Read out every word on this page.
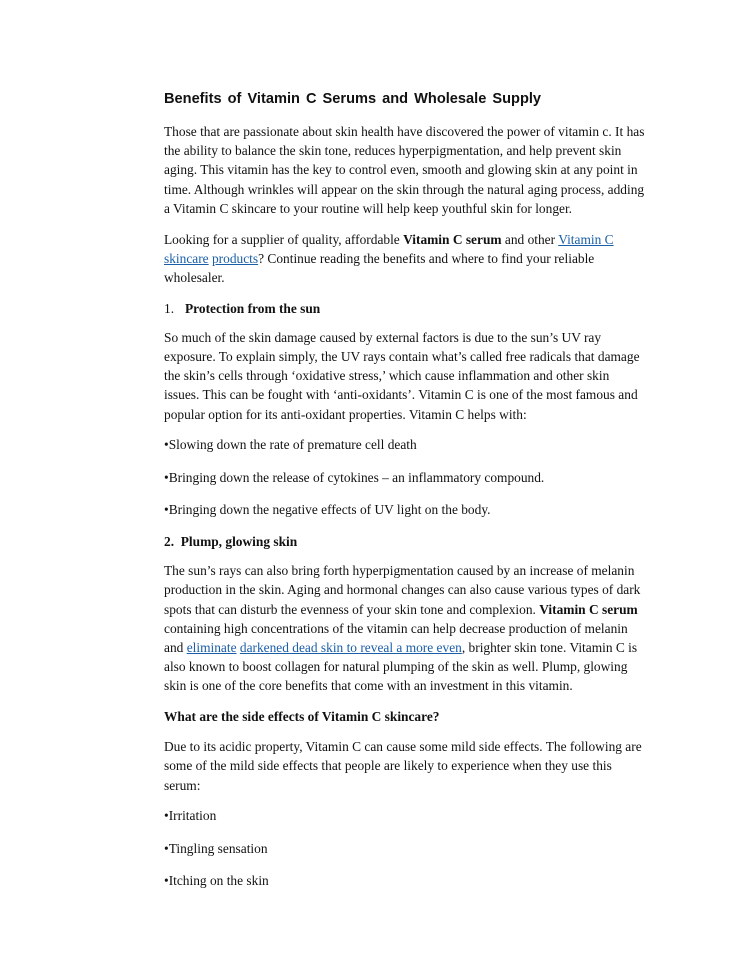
Benefits of Vitamin C Serums and Wholesale Supply

Those that are passionate about skin health have discovered the power of vitamin c. It has the ability to balance the skin tone, reduces hyperpigmentation, and help prevent skin aging. This vitamin has the key to control even, smooth and glowing skin at any point in time. Although wrinkles will appear on the skin through the natural aging process, adding a Vitamin C skincare to your routine will help keep youthful skin for longer.

Looking for a supplier of quality, affordable Vitamin C serum and other Vitamin C skincare products? Continue reading the benefits and where to find your reliable wholesaler.

1. Protection from the sun

So much of the skin damage caused by external factors is due to the sun’s UV ray exposure. To explain simply, the UV rays contain what’s called free radicals that damage the skin’s cells through ‘oxidative stress,’ which cause inflammation and other skin issues. This can be fought with ‘anti-oxidants’. Vitamin C is one of the most famous and popular option for its anti-oxidant properties. Vitamin C helps with:

•Slowing down the rate of premature cell death
•Bringing down the release of cytokines – an inflammatory compound.
•Bringing down the negative effects of UV light on the body.
2.  Plump, glowing skin

The sun’s rays can also bring forth hyperpigmentation caused by an increase of melanin production in the skin. Aging and hormonal changes can also cause various types of dark spots that can disturb the evenness of your skin tone and complexion. Vitamin C serum containing high concentrations of the vitamin can help decrease production of melanin and eliminate darkened dead skin to reveal a more even, brighter skin tone. Vitamin C is also known to boost collagen for natural plumping of the skin as well. Plump, glowing skin is one of the core benefits that come with an investment in this vitamin.

What are the side effects of Vitamin C skincare?

Due to its acidic property, Vitamin C can cause some mild side effects. The following are some of the mild side effects that people are likely to experience when they use this serum:

•Irritation
•Tingling sensation
•Itching on the skin
